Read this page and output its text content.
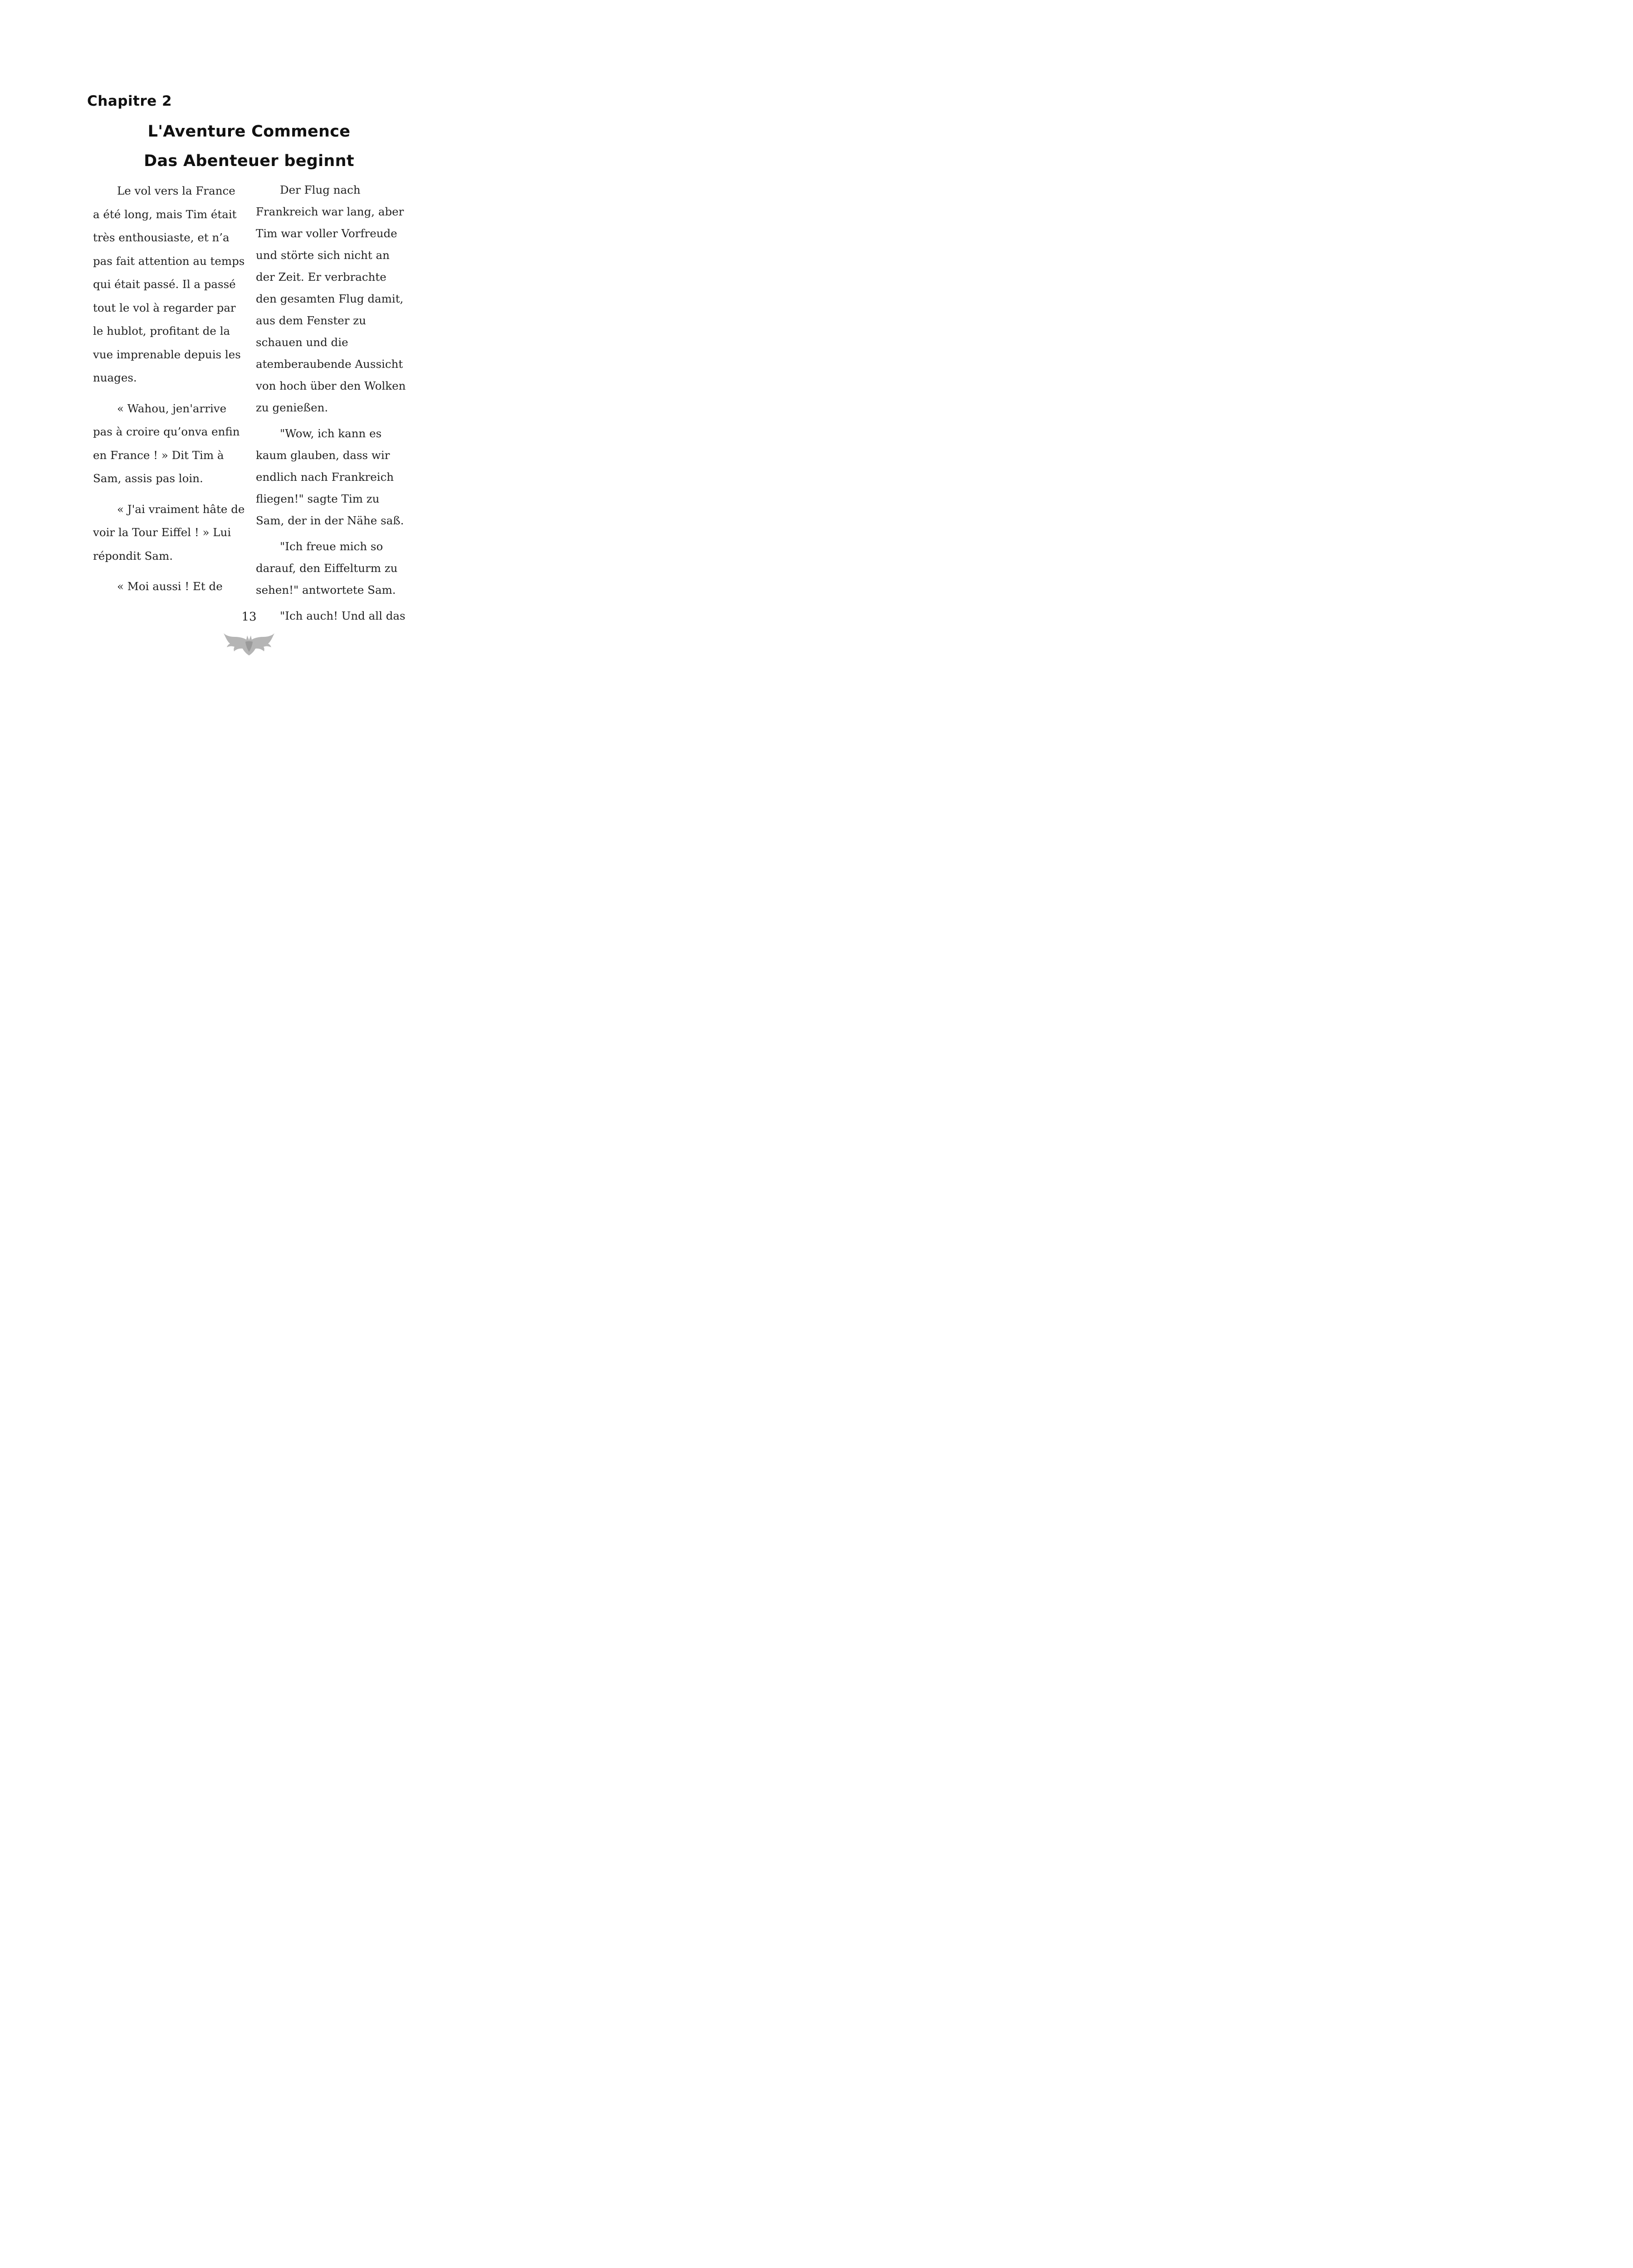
Chapitre 2
L'Aventure Commence
Das Abenteuer beginnt

Le vol vers la France a été long, mais Tim était très enthousiaste, et n’a pas fait attention au temps qui était passé. Il a passé tout le vol à regarder par le hublot, profitant de la vue imprenable depuis les nuages.

« Wahou, jen'arrive pas à croire qu’onva enfin en France ! » Dit Tim à Sam, assis pas loin.

« J'ai vraiment hâte de voir la Tour Eiffel ! » Lui répondit Sam.

« Moi aussi ! Et de

Der Flug nach Frankreich war lang, aber Tim war voller Vorfreude und störte sich nicht an der Zeit. Er verbrachte den gesamten Flug damit, aus dem Fenster zu schauen und die atemberaubende Aussicht von hoch über den Wolken zu genießen.

"Wow, ich kann es kaum glauben, dass wir endlich nach Frankreich fliegen!" sagte Tim zu Sam, der in der Nähe saß.

"Ich freue mich so darauf, den Eiffelturm zu sehen!" antwortete Sam.

"Ich auch! Und all das

13
